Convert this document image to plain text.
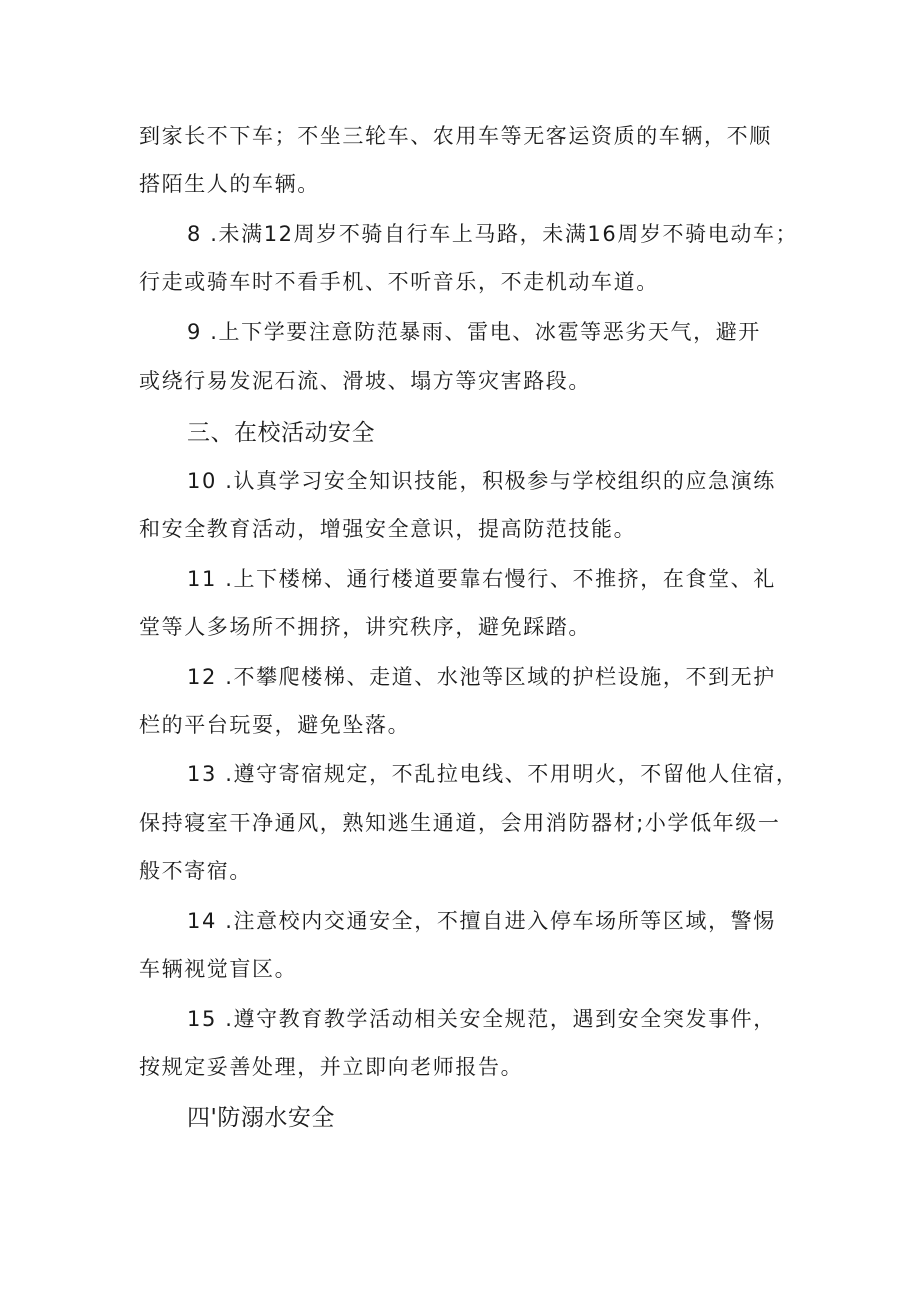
到家长不下车；不坐三轮车、农用车等无客运资质的车辆，不顺
搭陌生人的车辆。
8 .未满12周岁不骑自行车上马路，未满16周岁不骑电动车；
行走或骑车时不看手机、不听音乐，不走机动车道。
9 .上下学要注意防范暴雨、雷电、冰雹等恶劣天气，避开
或绕行易发泥石流、滑坡、塌方等灾害路段。
三、在校活动安全
10 .认真学习安全知识技能，积极参与学校组织的应急演练
和安全教育活动，增强安全意识，提高防范技能。
11 .上下楼梯、通行楼道要靠右慢行、不推挤，在食堂、礼
堂等人多场所不拥挤，讲究秩序，避免踩踏。
12 .不攀爬楼梯、走道、水池等区域的护栏设施，不到无护
栏的平台玩耍，避免坠落。
13 .遵守寄宿规定，不乱拉电线、不用明火，不留他人住宿，
保持寝室干净通风，熟知逃生通道，会用消防器材;小学低年级一
般不寄宿。
14 .注意校内交通安全，不擅自进入停车场所等区域，警惕
车辆视觉盲区。
15 .遵守教育教学活动相关安全规范，遇到安全突发事件，
按规定妥善处理，并立即向老师报告。
四'防溺水安全
